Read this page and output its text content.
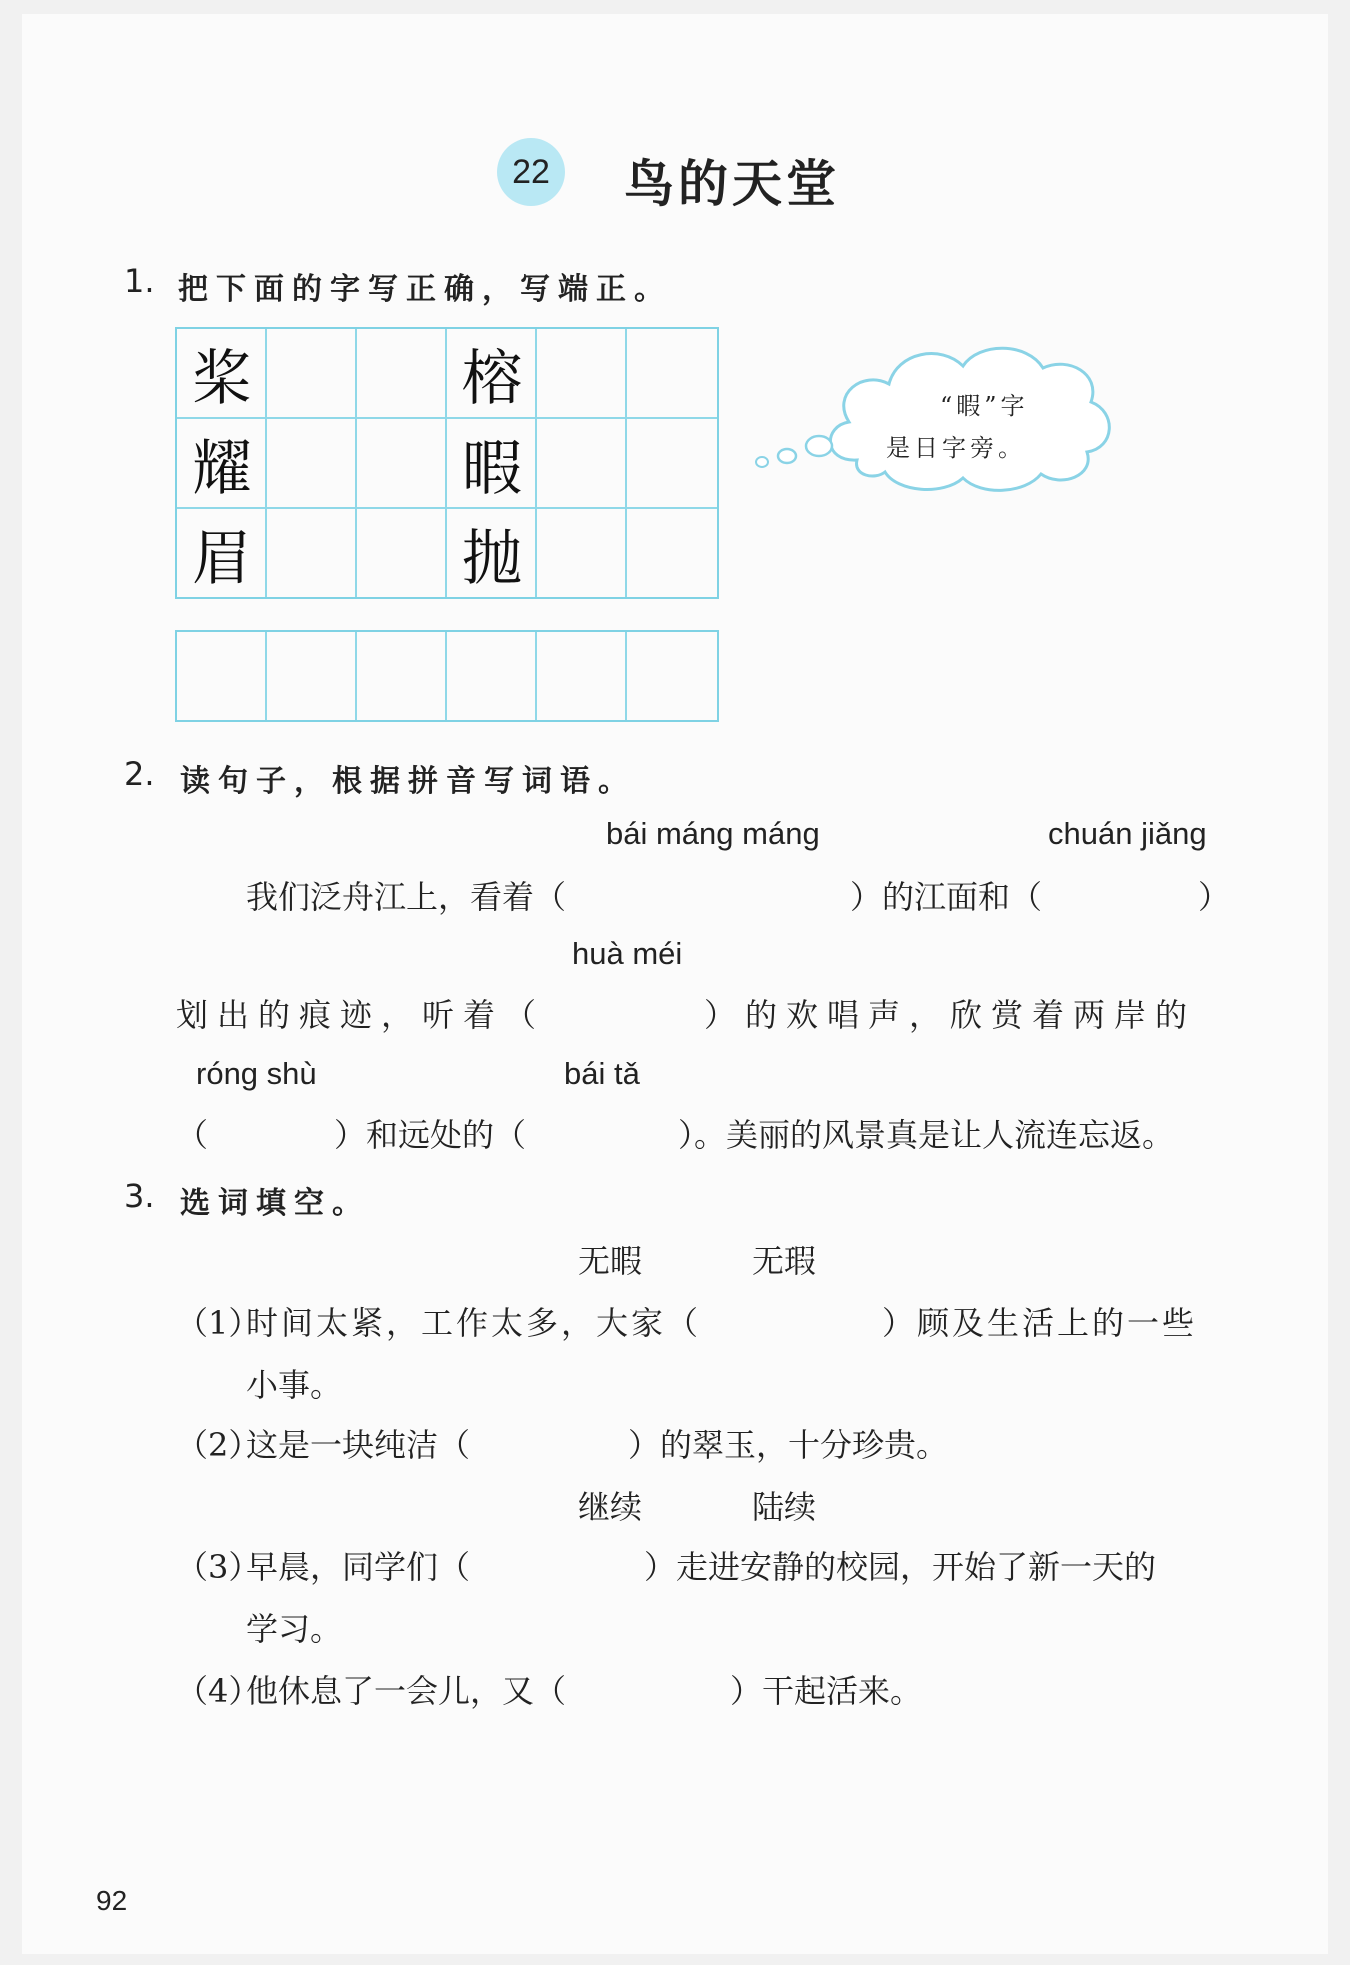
22 鸟的天堂
1. 把下面的字写正确，写端正。
桨	榕
耀	暇
眉	抛
“暇”字
是日字旁。
2. 读句子，根据拼音写词语。
bái máng máng	chuán jiǎng
我们泛舟江上，看着（	）的江面和（	）
huà méi
划出的痕迹，听着（	）的欢唱声，欣赏着两岸的
róng shù	bái tǎ
（	）和远处的（	）。美丽的风景真是让人流连忘返。
3. 选词填空。
无暇	无瑕
（1）
时间太紧，工作太多，大家（	）顾及生活上的一些
小事。
（2）
这是一块纯洁（	）的翠玉，十分珍贵。
继续	陆续
（3）
早晨，同学们（	）走进安静的校园，开始了新一天的
学习。
（4）
他休息了一会儿，又（	）干起活来。
92
